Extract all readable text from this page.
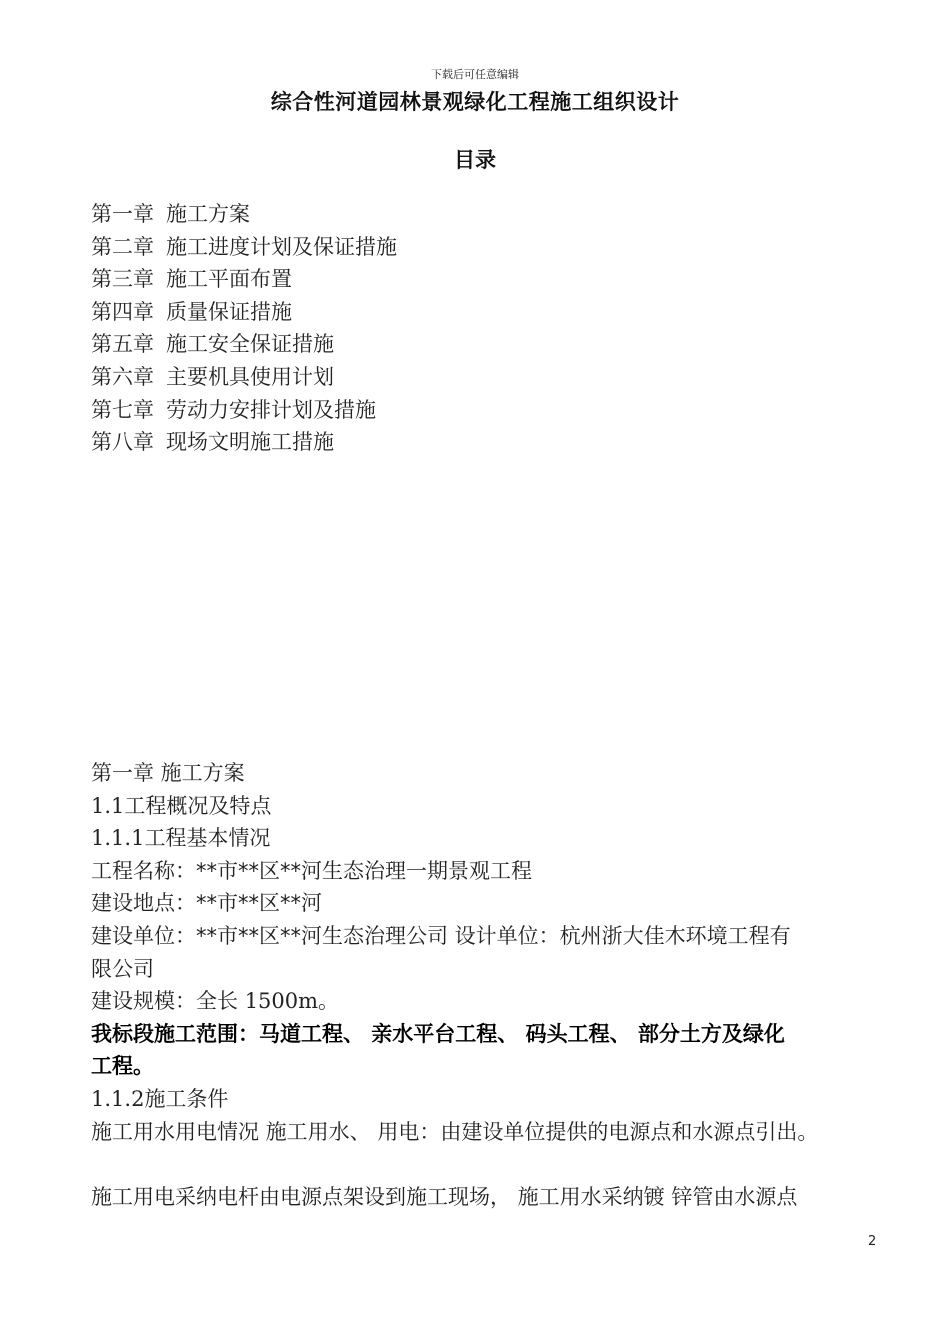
下载后可任意编辑
综合性河道园林景观绿化工程施工组织设计
目录
第一章 施工方案
第二章 施工进度计划及保证措施
第三章 施工平面布置
第四章 质量保证措施
第五章 施工安全保证措施
第六章 主要机具使用计划
第七章 劳动力安排计划及措施
第八章 现场文明施工措施
第一章 施工方案
1.1工程概况及特点
1.1.1工程基本情况
工程名称：**市**区**河生态治理一期景观工程
建设地点：**市**区**河
建设单位：**市**区**河生态治理公司 设计单位：杭州浙大佳木环境工程有
限公司
建设规模：全长 1500m。
我标段施工范围：马道工程、 亲水平台工程、 码头工程、 部分土方及绿化
工程。
1.1.2施工条件
施工用水用电情况 施工用水、 用电：由建设单位提供的电源点和水源点引出。
施工用电采纳电杆由电源点架设到施工现场， 施工用水采纳镀 锌管由水源点
2
